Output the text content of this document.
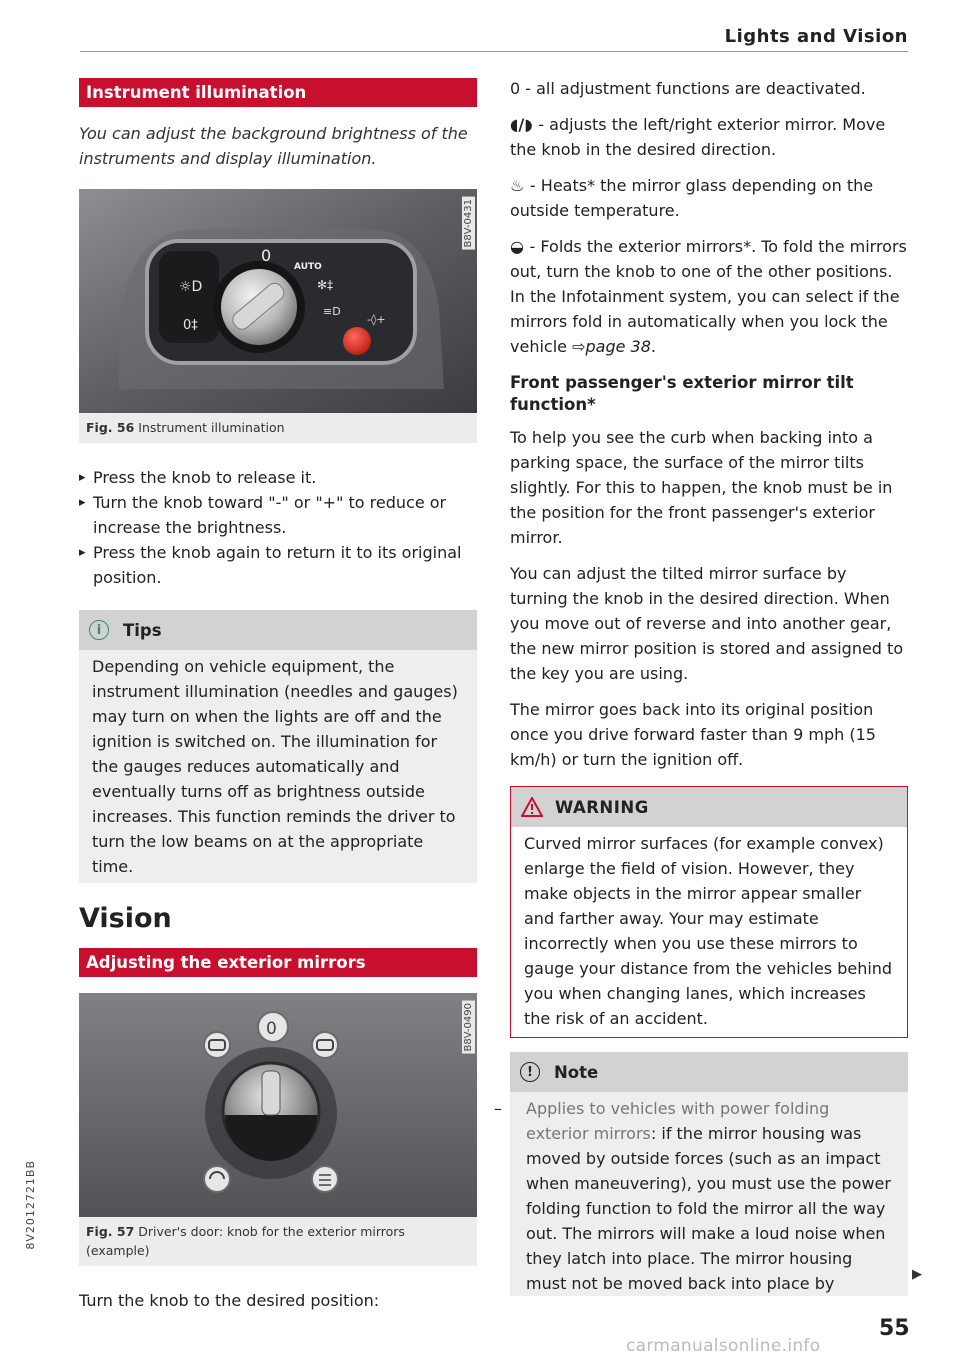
Lights and Vision
Instrument illumination
You can adjust the background brightness of the instruments and display illumination.
☼D
0‡
0
AUTO
✻‡
≡D
-◊+
B8V-0431
Fig. 56 Instrument illumination
▸ Press the knob to release it.
▸ Turn the knob toward "-" or "+" to reduce or increase the brightness.
▸ Press the knob again to return it to its original position.
i	Tips
Depending on vehicle equipment, the instrument illumination (needles and gauges) may turn on when the lights are off and the ignition is switched on. The illumination for the gauges reduces automatically and eventually turns off as brightness outside increases. This function reminds the driver to turn the low beams on at the appropriate time.
Vision
Adjusting the exterior mirrors
0	B8V-0490
Fig. 57 Driver's door: knob for the exterior mirrors (example)
Turn the knob to the desired position:
0 - all adjustment functions are deactivated.
◖/◗ - adjusts the left/right exterior mirror. Move the knob in the desired direction.
♨ - Heats* the mirror glass depending on the outside temperature.
◒ - Folds the exterior mirrors*. To fold the mirrors out, turn the knob to one of the other positions. In the Infotainment system, you can select if the mirrors fold in automatically when you lock the vehicle ⇨page 38.
Front passenger's exterior mirror tilt function*
To help you see the curb when backing into a parking space, the surface of the mirror tilts slightly. For this to happen, the knob must be in the position for the front passenger's exterior mirror.
You can adjust the tilted mirror surface by turning the knob in the desired direction. When you move out of reverse and into another gear, the new mirror position is stored and assigned to the key you are using.
The mirror goes back into its original position once you drive forward faster than 9 mph (15 km/h) or turn the ignition off.
WARNING
Curved mirror surfaces (for example convex) enlarge the field of vision. However, they make objects in the mirror appear smaller and farther away. Your may estimate incorrectly when you use these mirrors to gauge your distance from the vehicles behind you when changing lanes, which increases the risk of an accident.
!	Note
– Applies to vehicles with power folding exterior mirrors: if the mirror housing was moved by outside forces (such as an impact when maneuvering), you must use the power folding function to fold the mirror all the way out. The mirrors will make a loud noise when they latch into place. The mirror housing must not be moved back into place by	▶
55
8V2012721BB
carmanualsonline.info
